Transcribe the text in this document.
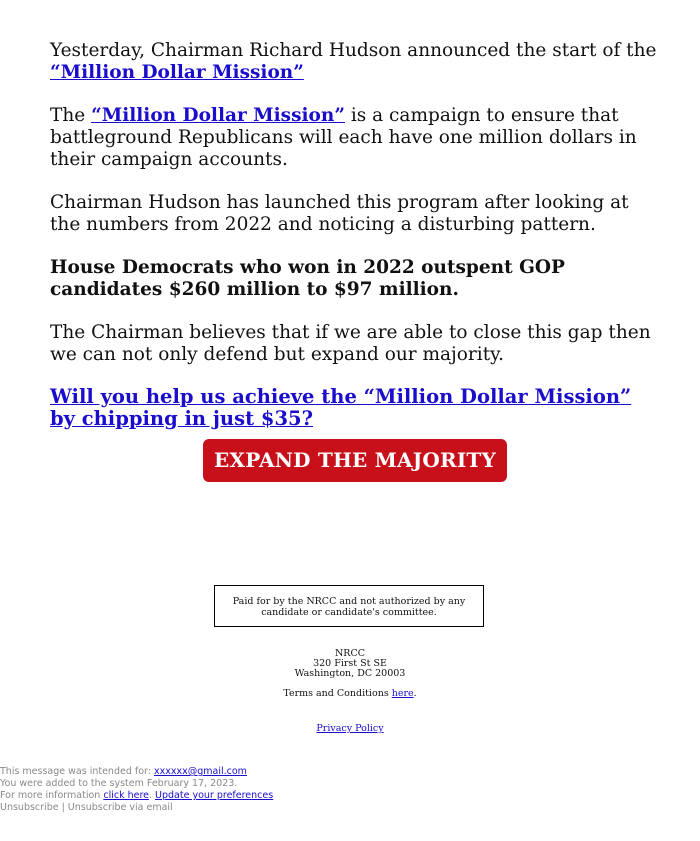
Yesterday, Chairman Richard Hudson announced the start of the
“Million Dollar Mission”

The “Million Dollar Mission” is a campaign to ensure that battleground Republicans will each have one million dollars in their campaign accounts.

Chairman Hudson has launched this program after looking at the numbers from 2022 and noticing a disturbing pattern.

House Democrats who won in 2022 outspent GOP candidates $260 million to $97 million.

The Chairman believes that if we are able to close this gap then we can not only defend but expand our majority.

Will you help us achieve the “Million Dollar Mission” by chipping in just $35?
EXPAND THE MAJORITY
Paid for by the NRCC and not authorized by any candidate or candidate's committee.
NRCC
320 First St SE
Washington, DC 20003
Terms and Conditions here.
Privacy Policy
This message was intended for: xxxxxx@gmail.com
You were added to the system February 17, 2023.
For more information click here. Update your preferences
Unsubscribe | Unsubscribe via email
